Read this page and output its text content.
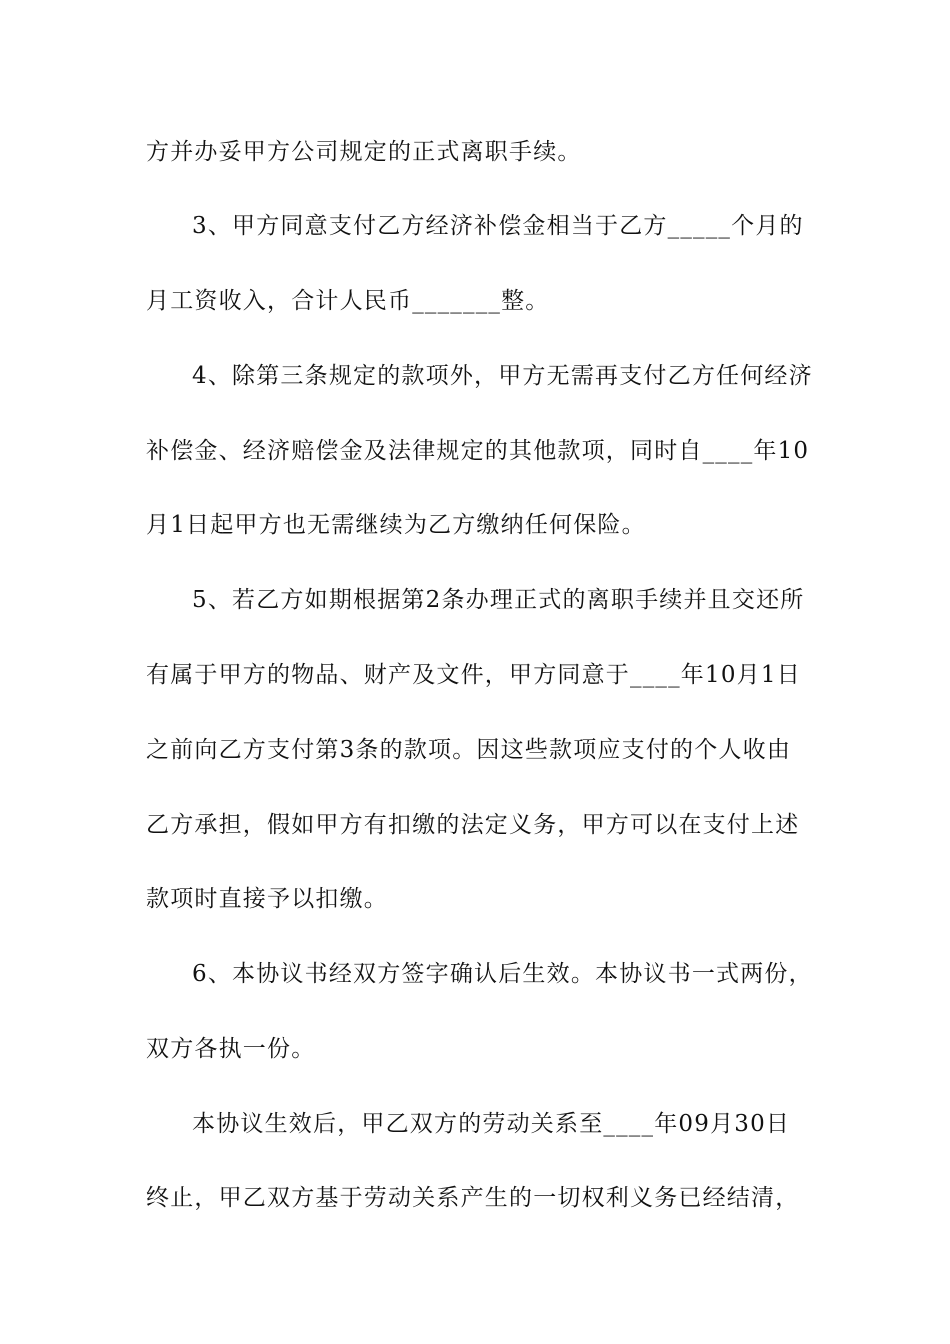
方并办妥甲方公司规定的正式离职手续。
3、甲方同意支付乙方经济补偿金相当于乙方_____个月的
月工资收入，合计人民币_______整。
4、除第三条规定的款项外，甲方无需再支付乙方任何经济
补偿金、经济赔偿金及法律规定的其他款项，同时自____年10
月1日起甲方也无需继续为乙方缴纳任何保险。
5、若乙方如期根据第2条办理正式的离职手续并且交还所
有属于甲方的物品、财产及文件，甲方同意于____年10月1日
之前向乙方支付第3条的款项。因这些款项应支付的个人收由
乙方承担，假如甲方有扣缴的法定义务，甲方可以在支付上述
款项时直接予以扣缴。
6、本协议书经双方签字确认后生效。本协议书一式两份，
双方各执一份。
本协议生效后，甲乙双方的劳动关系至____年09月30日
终止，甲乙双方基于劳动关系产生的一切权利义务已经结清，
